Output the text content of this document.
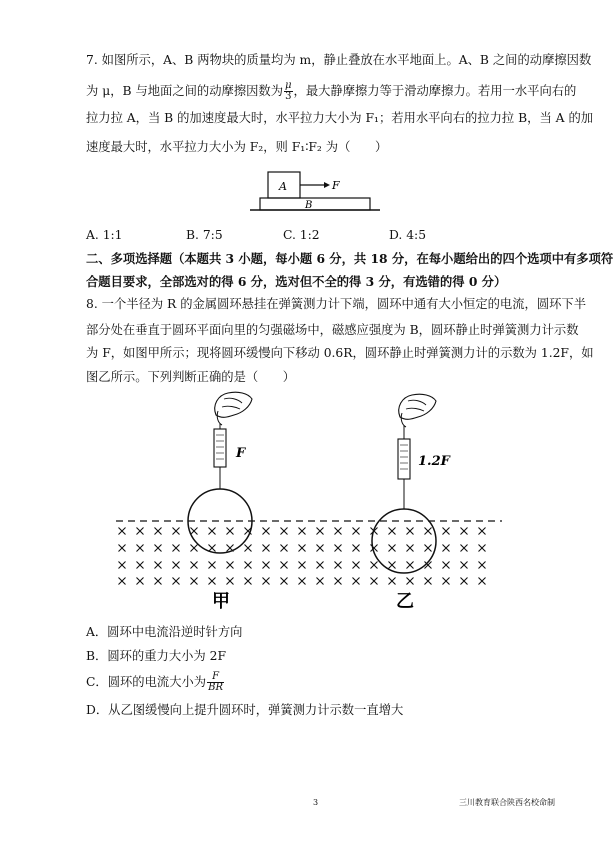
7. 如图所示，A、B 两物块的质量均为 m，静止叠放在水平地面上。A、B 之间的动摩擦因数
为 μ，B 与地面之间的动摩擦因数为 $\frac{\mu}{3}$ ，最大静摩擦力等于滑动摩擦力。若用一水平向右的
拉力拉 A，当 B 的加速度最大时，水平拉力大小为 F₁；若用水平向右的拉力拉 B，当 A 的加
速度最大时，水平拉力大小为 F₂，则 F₁∶F₂ 为（　　）
A	F
B
A. 1:1	B. 7:5	C. 1:2	D. 4:5
二、多项选择题（本题共 3 小题，每小题 6 分，共 18 分，在每小题给出的四个选项中有多项符
合题目要求，全部选对的得 6 分，选对但不全的得 3 分，有选错的得 0 分）
8. 一个半径为 R 的金属圆环悬挂在弹簧测力计下端，圆环中通有大小恒定的电流，圆环下半
部分处在垂直于圆环平面向里的匀强磁场中，磁感应强度为 B，圆环静止时弹簧测力计示数
为 F，如图甲所示；现将圆环缓慢向下移动 0.6R，圆环静止时弹簧测力计的示数为 1.2F，如
图乙所示。下列判断正确的是（　　）
F
1.2F
甲	乙
A．圆环中电流沿逆时针方向
B．圆环的重力大小为 2F
C．圆环的电流大小为 $\frac{F}{BR}$
D．从乙图缓慢向上提升圆环时，弹簧测力计示数一直增大
3	三川教育联合陕西名校命制
